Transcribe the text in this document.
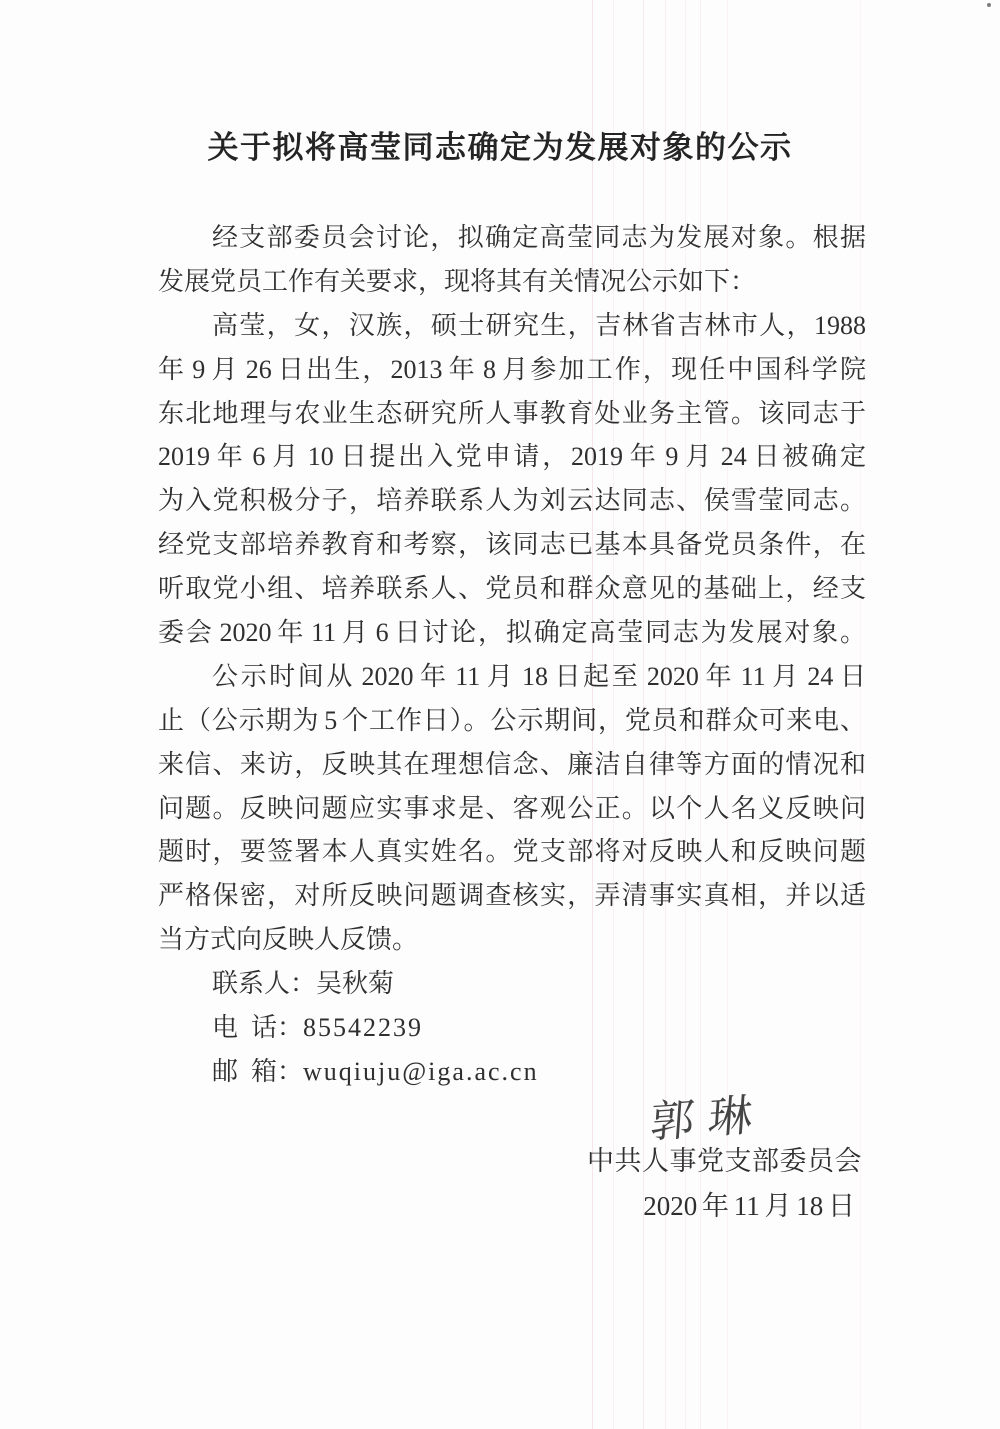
关于拟将高莹同志确定为发展对象的公示
经支部委员会讨论，拟确定高莹同志为发展对象。根据
发展党员工作有关要求，现将其有关情况公示如下：
高莹，女，汉族，硕士研究生，吉林省吉林市人，1988
年 9 月 26 日出生，2013 年 8 月参加工作，现任中国科学院
东北地理与农业生态研究所人事教育处业务主管。该同志于
2019 年 6 月 10 日提出入党申请，2019 年 9 月 24 日被确定
为入党积极分子，培养联系人为刘云达同志、侯雪莹同志。
经党支部培养教育和考察，该同志已基本具备党员条件，在
听取党小组、培养联系人、党员和群众意见的基础上，经支
委会 2020 年 11 月 6 日讨论，拟确定高莹同志为发展对象。
公示时间从 2020 年 11 月 18 日起至 2020 年 11 月 24 日
止（公示期为 5 个工作日）。公示期间，党员和群众可来电、
来信、来访，反映其在理想信念、廉洁自律等方面的情况和
问题。反映问题应实事求是、客观公正。以个人名义反映问
题时，要签署本人真实姓名。党支部将对反映人和反映问题
严格保密，对所反映问题调查核实，弄清事实真相，并以适
当方式向反映人反馈。
联系人：吴秋菊
电 话：85542239
邮 箱：wuqiuju@iga.ac.cn
郭琳
中共人事党支部委员会
2020 年 11 月 18 日
